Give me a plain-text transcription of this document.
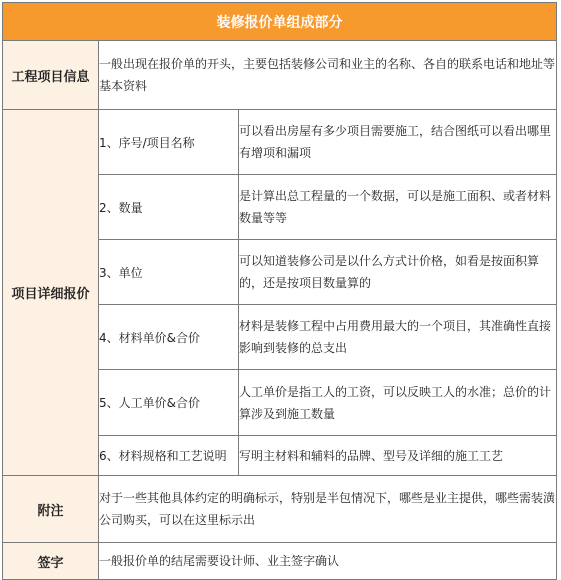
装修报价单组成部分		
工程项目信息	一般出现在报价单的开头，主要包括装修公司和业主的名称、各自的联系电话和地址等基本资料	
项目详细报价	1、序号/项目名称	可以看出房屋有多少项目需要施工，结合图纸可以看出哪里有增项和漏项
	2、数量	是计算出总工程量的一个数据，可以是施工面积、或者材料数量等等
	3、单位	可以知道装修公司是以什么方式计价格，如看是按面积算的，还是按项目数量算的
	4、材料单价&合价	材料是装修工程中占用费用最大的一个项目，其准确性直接影响到装修的总支出
	5、人工单价&合价	人工单价是指工人的工资，可以反映工人的水准；总价的计算涉及到施工数量
	6、材料规格和工艺说明	写明主材料和辅料的品牌、型号及详细的施工工艺
附注	对于一些其他具体约定的明确标示，特别是半包情况下，哪些是业主提供，哪些需装潢公司购买，可以在这里标示出	
签字	一般报价单的结尾需要设计师、业主签字确认	
